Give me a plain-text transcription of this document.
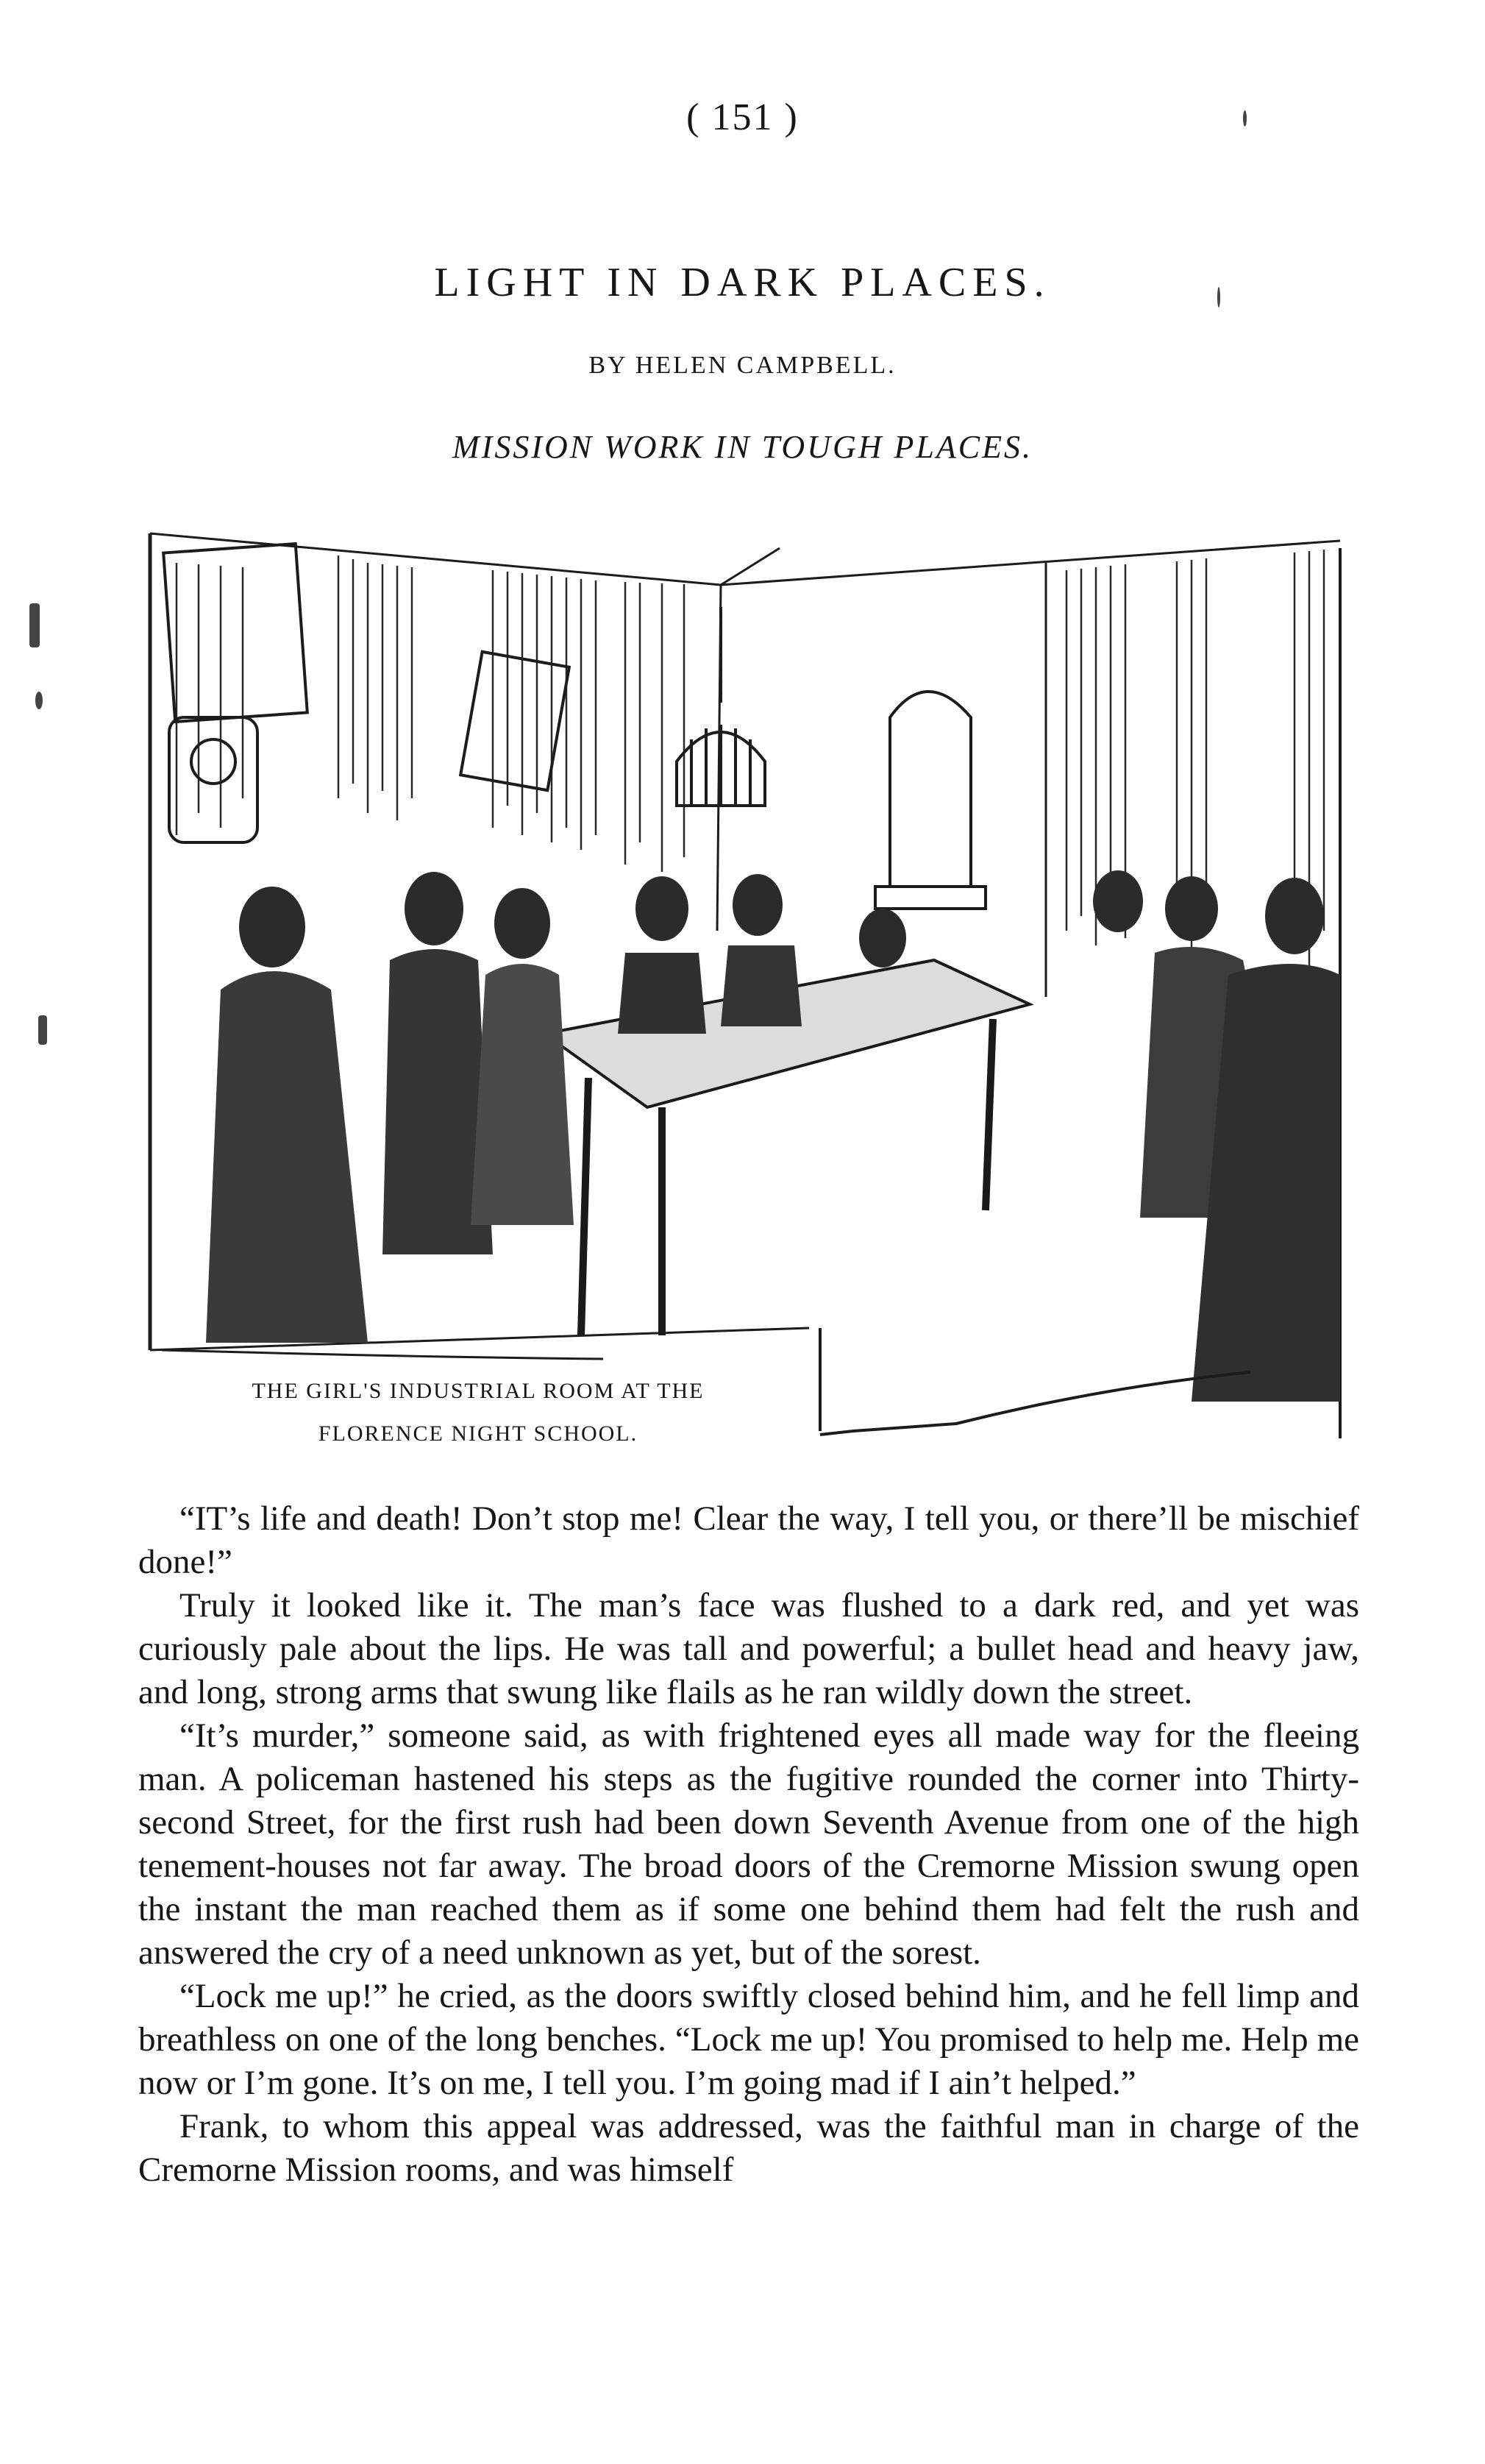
( 151 )
LIGHT IN DARK PLACES.
BY HELEN CAMPBELL.
MISSION WORK IN TOUGH PLACES.
THE GIRL'S INDUSTRIAL ROOM AT THE
FLORENCE NIGHT SCHOOL.

“IT’s life and death! Don’t stop me! Clear the way, I tell you, or there’ll be mischief done!”

Truly it looked like it. The man’s face was flushed to a dark red, and yet was curiously pale about the lips. He was tall and powerful; a bullet head and heavy jaw, and long, strong arms that swung like flails as he ran wildly down the street.

“It’s murder,” someone said, as with frightened eyes all made way for the fleeing man. A policeman hastened his steps as the fugitive rounded the corner into Thirty-second Street, for the first rush had been down Seventh Avenue from one of the high tenement-houses not far away. The broad doors of the Cremorne Mission swung open the instant the man reached them as if some one behind them had felt the rush and answered the cry of a need unknown as yet, but of the sorest.

“Lock me up!” he cried, as the doors swiftly closed behind him, and he fell limp and breathless on one of the long benches. “Lock me up! You promised to help me. Help me now or I’m gone. It’s on me, I tell you. I’m going mad if I ain’t helped.”

Frank, to whom this appeal was addressed, was the faithful man in charge of the Cremorne Mission rooms, and was himself
